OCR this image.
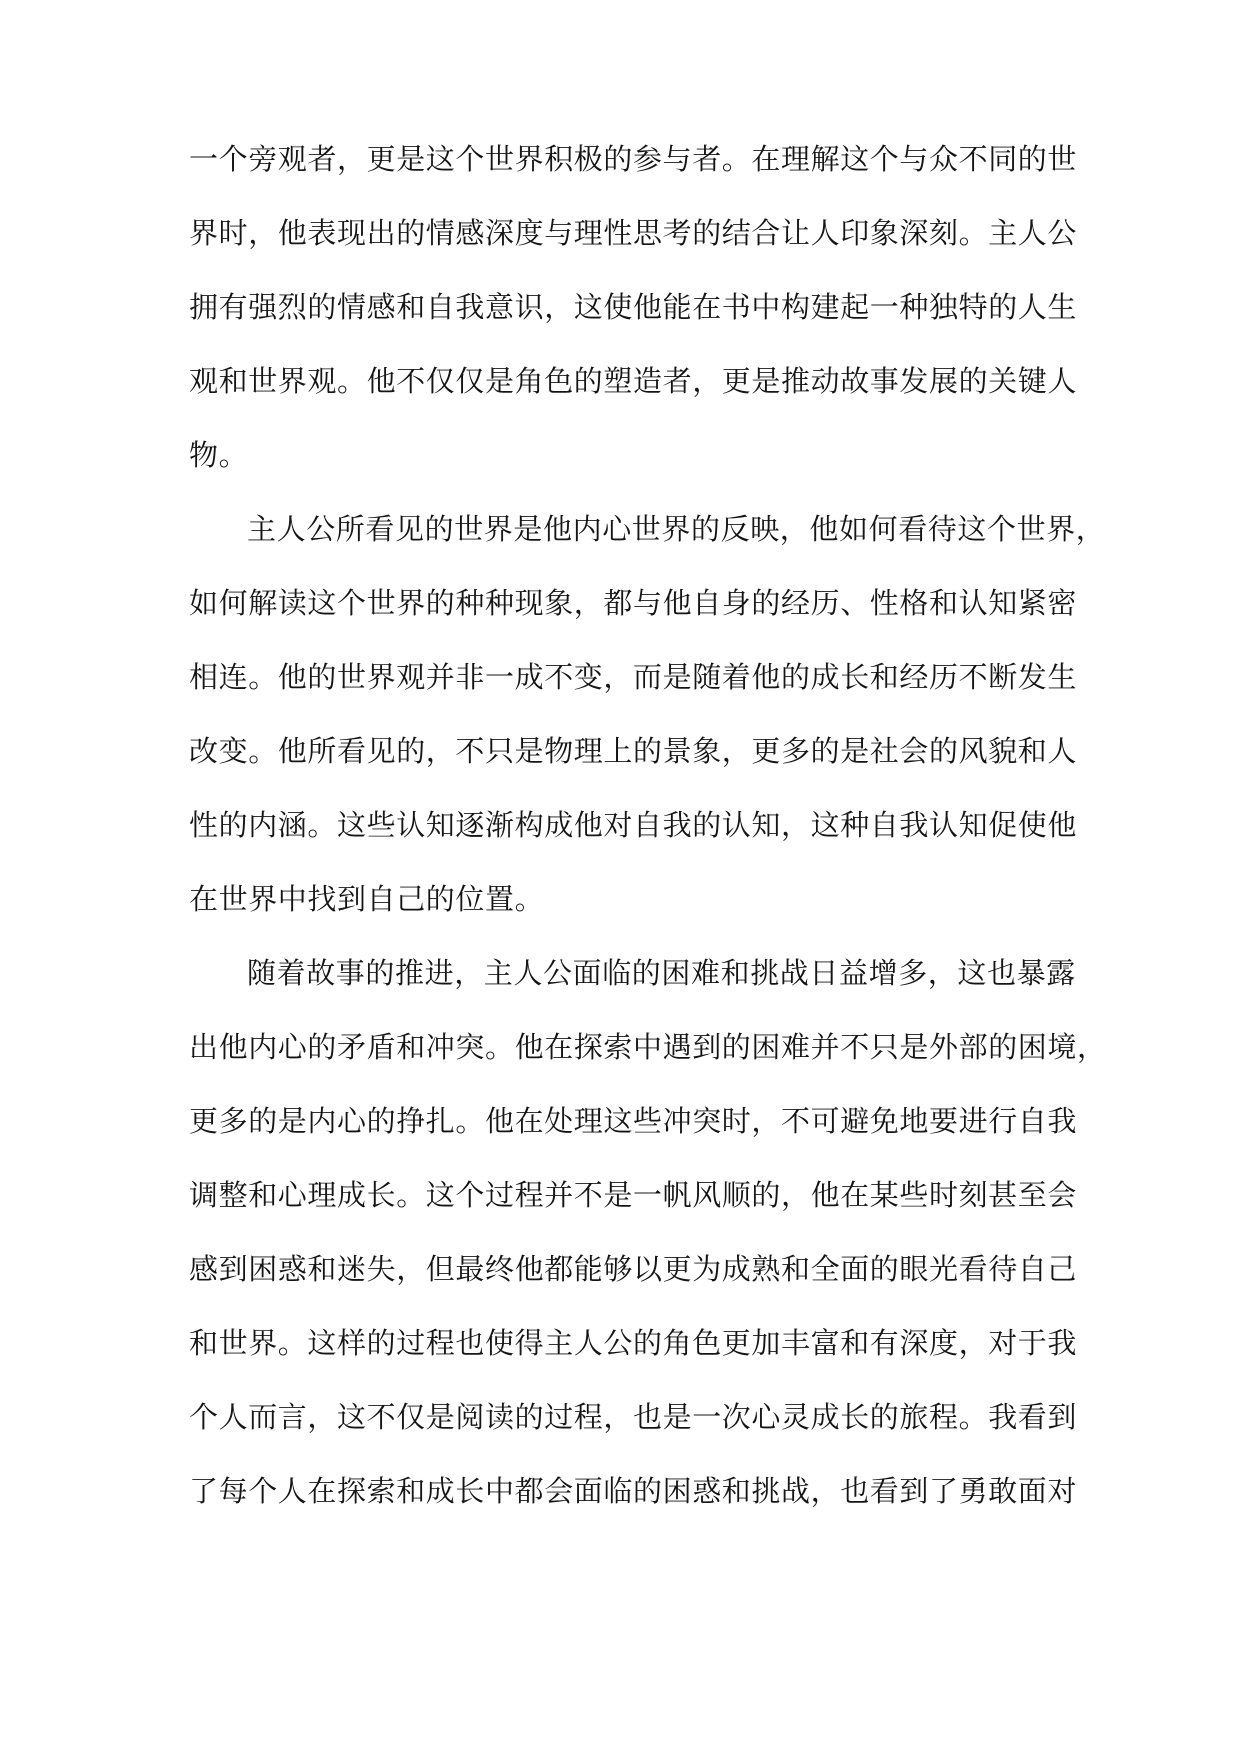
一个旁观者，更是这个世界积极的参与者。在理解这个与众不同的世
界时，他表现出的情感深度与理性思考的结合让人印象深刻。主人公
拥有强烈的情感和自我意识，这使他能在书中构建起一种独特的人生
观和世界观。他不仅仅是角色的塑造者，更是推动故事发展的关键人
物。
主人公所看见的世界是他内心世界的反映，他如何看待这个世界，
如何解读这个世界的种种现象，都与他自身的经历、性格和认知紧密
相连。他的世界观并非一成不变，而是随着他的成长和经历不断发生
改变。他所看见的，不只是物理上的景象，更多的是社会的风貌和人
性的内涵。这些认知逐渐构成他对自我的认知，这种自我认知促使他
在世界中找到自己的位置。
随着故事的推进，主人公面临的困难和挑战日益增多，这也暴露
出他内心的矛盾和冲突。他在探索中遇到的困难并不只是外部的困境，
更多的是内心的挣扎。他在处理这些冲突时，不可避免地要进行自我
调整和心理成长。这个过程并不是一帆风顺的，他在某些时刻甚至会
感到困惑和迷失，但最终他都能够以更为成熟和全面的眼光看待自己
和世界。这样的过程也使得主人公的角色更加丰富和有深度，对于我
个人而言，这不仅是阅读的过程，也是一次心灵成长的旅程。我看到
了每个人在探索和成长中都会面临的困惑和挑战，也看到了勇敢面对
